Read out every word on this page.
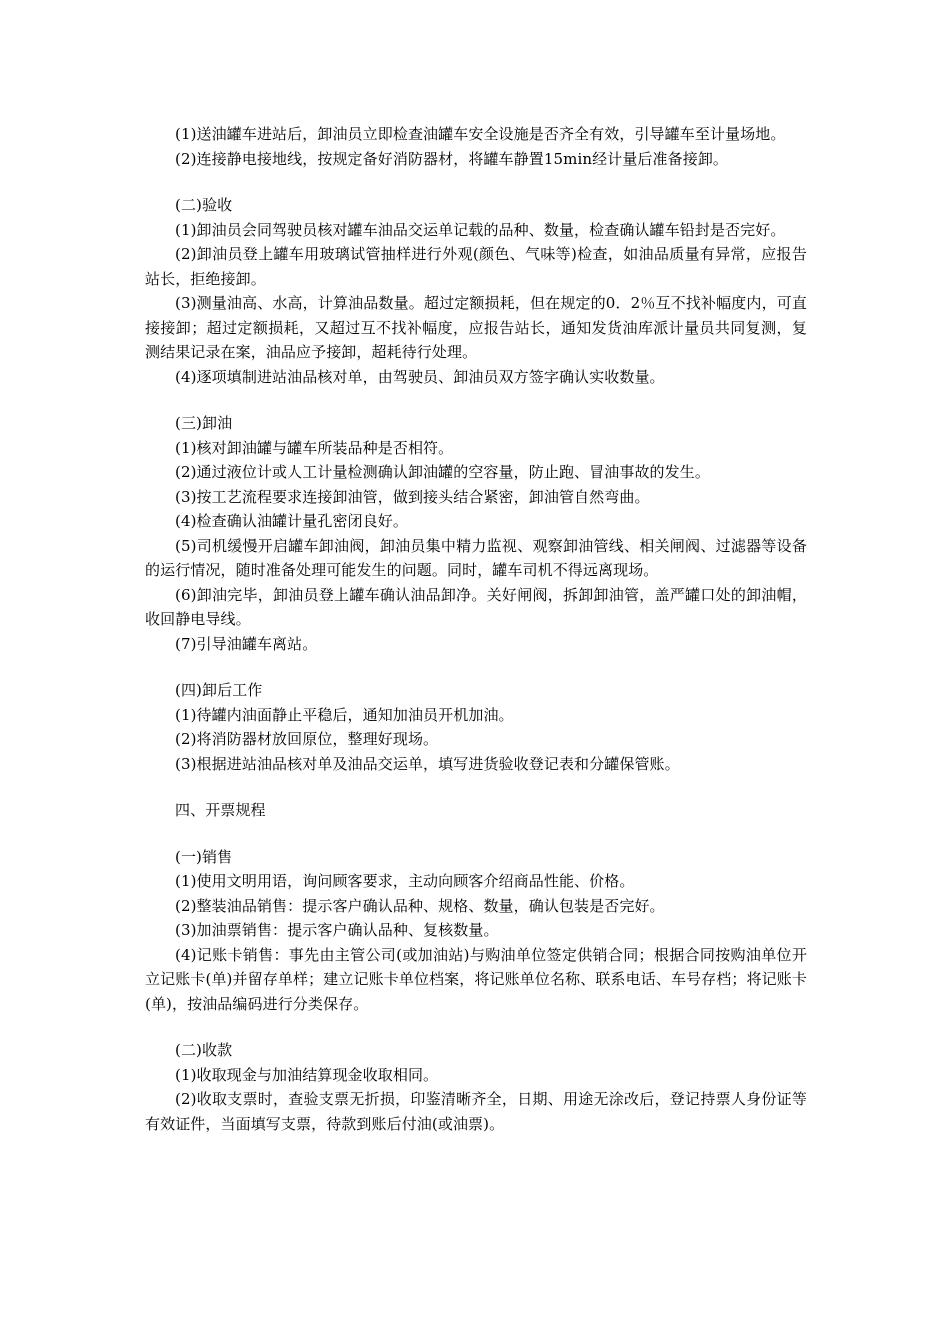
(1)送油罐车进站后，卸油员立即检查油罐车安全设施是否齐全有效，引导罐车至计量场地。
(2)连接静电接地线，按规定备好消防器材，将罐车静置15min经计量后准备接卸。
(二)验收
(1)卸油员会同驾驶员核对罐车油品交运单记载的品种、数量，检查确认罐车铅封是否完好。
(2)卸油员登上罐车用玻璃试管抽样进行外观(颜色、气味等)检查，如油品质量有异常，应报告站长，拒绝接卸。
(3)测量油高、水高，计算油品数量。超过定额损耗，但在规定的0．2％互不找补幅度内，可直接接卸；超过定额损耗，又超过互不找补幅度，应报告站长，通知发货油库派计量员共同复测，复测结果记录在案，油品应予接卸，超耗待行处理。
(4)逐项填制进站油品核对单，由驾驶员、卸油员双方签字确认实收数量。
(三)卸油
(1)核对卸油罐与罐车所装品种是否相符。
(2)通过液位计或人工计量检测确认卸油罐的空容量，防止跑、冒油事故的发生。
(3)按工艺流程要求连接卸油管，做到接头结合紧密，卸油管自然弯曲。
(4)检查确认油罐计量孔密闭良好。
(5)司机缓慢开启罐车卸油阀，卸油员集中精力监视、观察卸油管线、相关闸阀、过滤器等设备的运行情况，随时准备处理可能发生的问题。同时，罐车司机不得远离现场。
(6)卸油完毕，卸油员登上罐车确认油品卸净。关好闸阀，拆卸卸油管，盖严罐口处的卸油帽，收回静电导线。
(7)引导油罐车离站。
(四)卸后工作
(1)待罐内油面静止平稳后，通知加油员开机加油。
(2)将消防器材放回原位，整理好现场。
(3)根据进站油品核对单及油品交运单，填写进货验收登记表和分罐保管账。
四、开票规程
(一)销售
(1)使用文明用语，询问顾客要求，主动向顾客介绍商品性能、价格。
(2)整装油品销售：提示客户确认品种、规格、数量，确认包装是否完好。
(3)加油票销售：提示客户确认品种、复核数量。
(4)记账卡销售：事先由主管公司(或加油站)与购油单位签定供销合同；根据合同按购油单位开立记账卡(单)并留存单样；建立记账卡单位档案，将记账单位名称、联系电话、车号存档；将记账卡(单)，按油品编码进行分类保存。
(二)收款
(1)收取现金与加油结算现金收取相同。
(2)收取支票时，查验支票无折损，印鉴清晰齐全，日期、用途无涂改后，登记持票人身份证等有效证件，当面填写支票，待款到账后付油(或油票)。
